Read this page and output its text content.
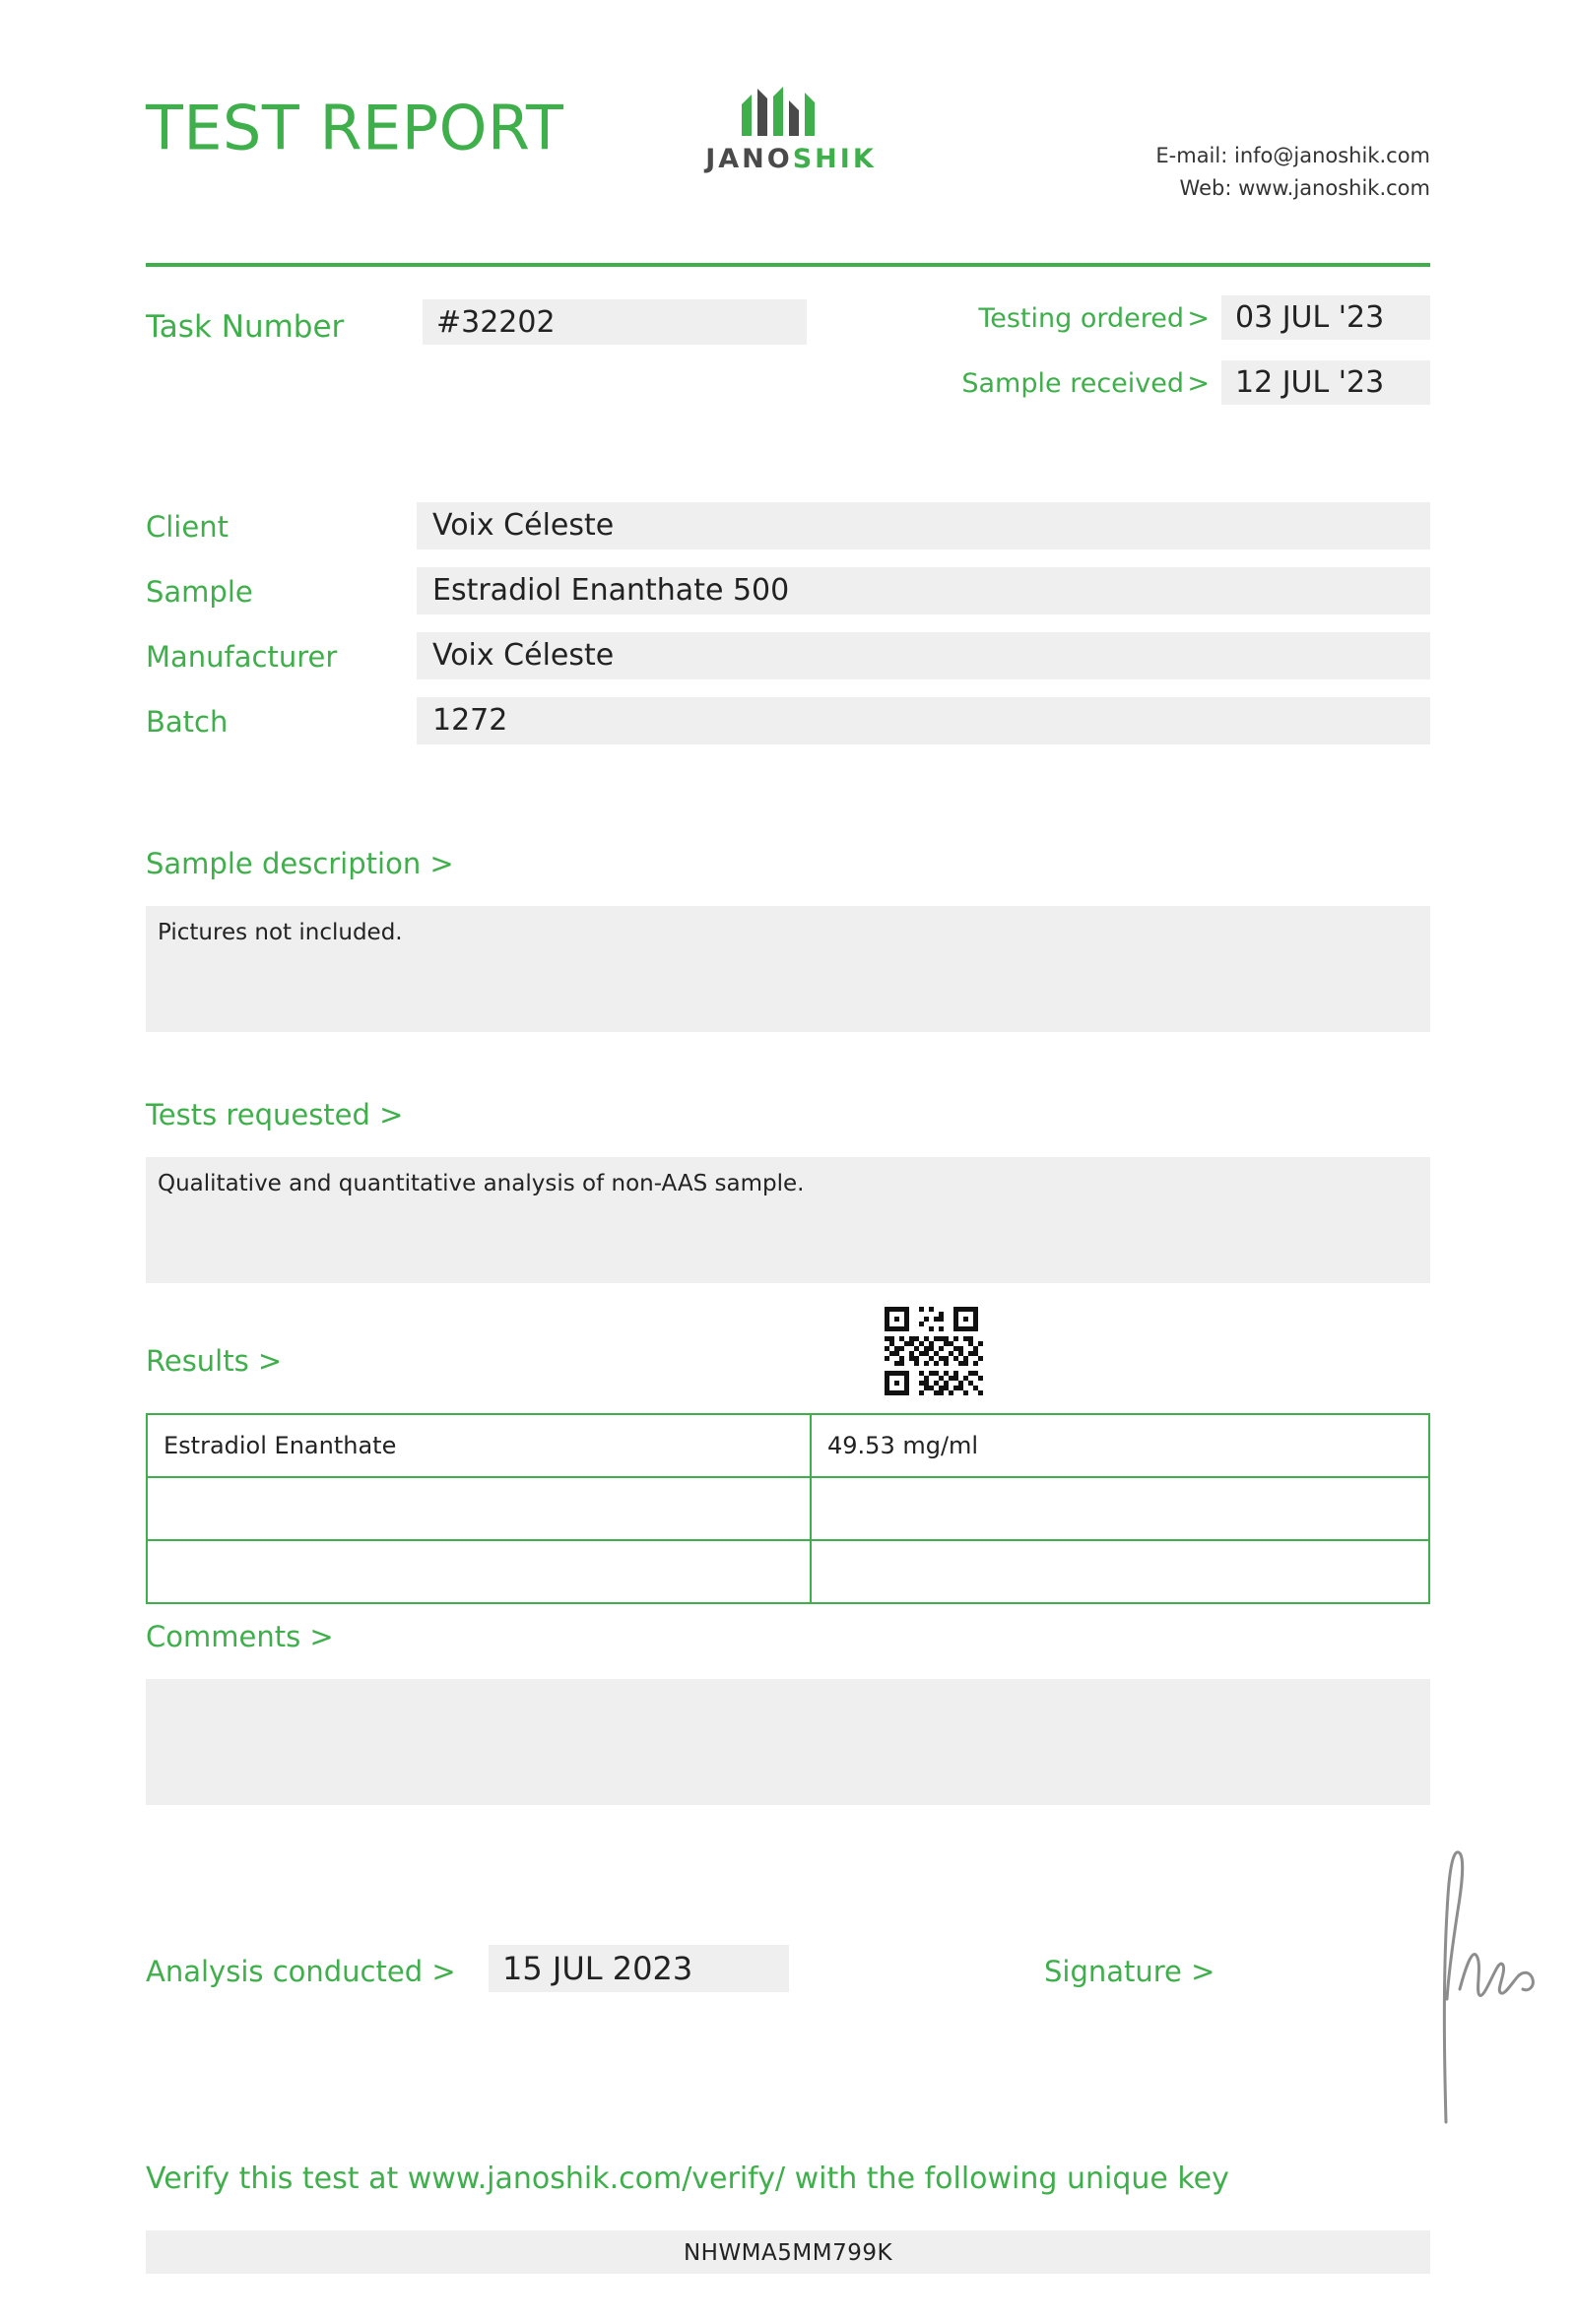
TEST REPORT	JANOSHIK	E-mail: info@janoshik.com
Web: www.janoshik.com
Task Number	#32202	Testing ordered > 03 JUL '23
Sample received > 12 JUL '23
Client	Voix Céleste
Sample	Estradiol Enanthate 500
Manufacturer	Voix Céleste
Batch	1272
Sample description >
Pictures not included.
Tests requested >
Qualitative and quantitative analysis of non-AAS sample.
Results >
Estradiol Enanthate	49.53 mg/ml

Comments >
Analysis conducted >	15 JUL 2023	Signature >
Verify this test at www.janoshik.com/verify/ with the following unique key
NHWMA5MM799K
